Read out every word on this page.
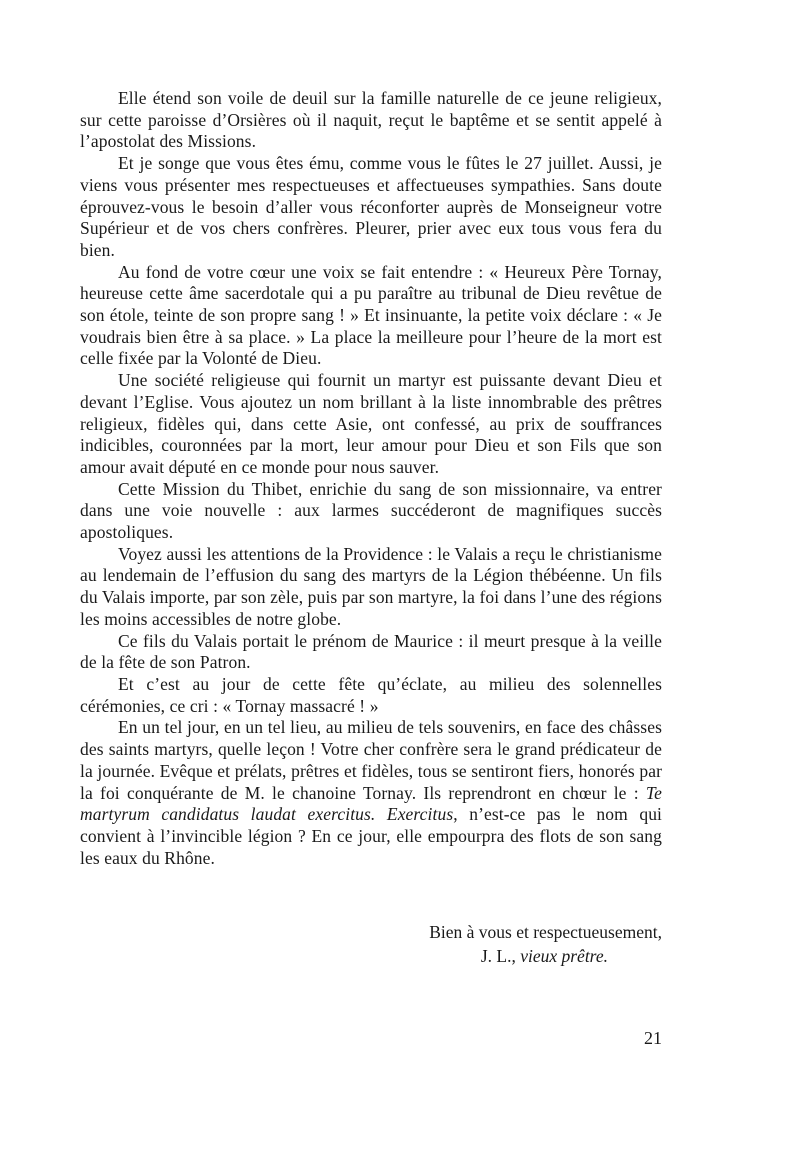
Elle étend son voile de deuil sur la famille naturelle de ce jeune religieux, sur cette paroisse d’Orsières où il naquit, reçut le baptême et se sentit appelé à l’apostolat des Missions.

Et je songe que vous êtes ému, comme vous le fûtes le 27 juillet. Aussi, je viens vous présenter mes respectueuses et affectueuses sympathies. Sans doute éprouvez-vous le besoin d’aller vous réconforter auprès de Monseigneur votre Supérieur et de vos chers confrères. Pleurer, prier avec eux tous vous fera du bien.

Au fond de votre cœur une voix se fait entendre : « Heureux Père Tornay, heureuse cette âme sacerdotale qui a pu paraître au tribunal de Dieu revêtue de son étole, teinte de son propre sang ! » Et insinuante, la petite voix déclare : « Je voudrais bien être à sa place. » La place la meilleure pour l’heure de la mort est celle fixée par la Volonté de Dieu.

Une société religieuse qui fournit un martyr est puissante devant Dieu et devant l’Eglise. Vous ajoutez un nom brillant à la liste innombrable des prêtres religieux, fidèles qui, dans cette Asie, ont confessé, au prix de souffrances indicibles, couronnées par la mort, leur amour pour Dieu et son Fils que son amour avait député en ce monde pour nous sauver.

Cette Mission du Thibet, enrichie du sang de son missionnaire, va entrer dans une voie nouvelle : aux larmes succéderont de magnifiques succès apostoliques.

Voyez aussi les attentions de la Providence : le Valais a reçu le christianisme au lendemain de l’effusion du sang des martyrs de la Légion thébéenne. Un fils du Valais importe, par son zèle, puis par son martyre, la foi dans l’une des régions les moins accessibles de notre globe.

Ce fils du Valais portait le prénom de Maurice : il meurt presque à la veille de la fête de son Patron.

Et c’est au jour de cette fête qu’éclate, au milieu des solennelles cérémonies, ce cri : « Tornay massacré ! »

En un tel jour, en un tel lieu, au milieu de tels souvenirs, en face des châsses des saints martyrs, quelle leçon ! Votre cher confrère sera le grand prédicateur de la journée. Evêque et prélats, prêtres et fidèles, tous se sentiront fiers, honorés par la foi conquérante de M. le chanoine Tornay. Ils reprendront en chœur le : Te martyrum candidatus laudat exercitus. Exercitus, n’est-ce pas le nom qui convient à l’invincible légion ? En ce jour, elle empourpra des flots de son sang les eaux du Rhône.

Bien à vous et respectueusement,
J. L., vieux prêtre.
21
